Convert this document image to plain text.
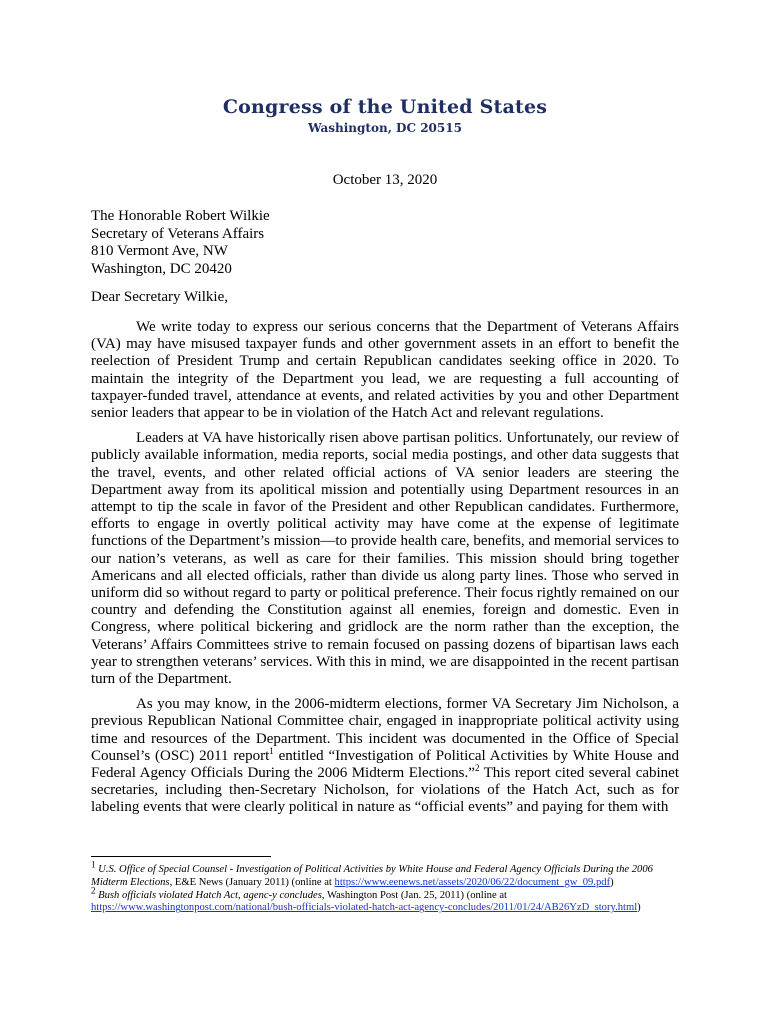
Congress of the United States
Washington, DC 20515
October 13, 2020
The Honorable Robert Wilkie
Secretary of Veterans Affairs
810 Vermont Ave, NW
Washington, DC 20420
Dear Secretary Wilkie,

We write today to express our serious concerns that the Department of Veterans Affairs (VA) may have misused taxpayer funds and other government assets in an effort to benefit the reelection of President Trump and certain Republican candidates seeking office in 2020. To maintain the integrity of the Department you lead, we are requesting a full accounting of taxpayer-funded travel, attendance at events, and related activities by you and other Department senior leaders that appear to be in violation of the Hatch Act and relevant regulations.

Leaders at VA have historically risen above partisan politics. Unfortunately, our review of publicly available information, media reports, social media postings, and other data suggests that the travel, events, and other related official actions of VA senior leaders are steering the Department away from its apolitical mission and potentially using Department resources in an attempt to tip the scale in favor of the President and other Republican candidates. Furthermore, efforts to engage in overtly political activity may have come at the expense of legitimate functions of the Department’s mission—to provide health care, benefits, and memorial services to our nation’s veterans, as well as care for their families. This mission should bring together Americans and all elected officials, rather than divide us along party lines. Those who served in uniform did so without regard to party or political preference. Their focus rightly remained on our country and defending the Constitution against all enemies, foreign and domestic. Even in Congress, where political bickering and gridlock are the norm rather than the exception, the Veterans’ Affairs Committees strive to remain focused on passing dozens of bipartisan laws each year to strengthen veterans’ services. With this in mind, we are disappointed in the recent partisan turn of the Department.

As you may know, in the 2006-midterm elections, former VA Secretary Jim Nicholson, a previous Republican National Committee chair, engaged in inappropriate political activity using time and resources of the Department. This incident was documented in the Office of Special Counsel’s (OSC) 2011 report$^1$ entitled “Investigation of Political Activities by White House and Federal Agency Officials During the 2006 Midterm Elections.”$^2$ This report cited several cabinet secretaries, including then-Secretary Nicholson, for violations of the Hatch Act, such as for labeling events that were clearly political in nature as “official events” and paying for them with

$^1$ U.S. Office of Special Counsel - Investigation of Political Activities by White House and Federal Agency Officials During the 2006 Midterm Elections, E&E News (January 2011) (online at https://www.eenews.net/assets/2020/06/22/document_gw_09.pdf)

$^2$ Bush officials violated Hatch Act, agenc-y concludes, Washington Post (Jan. 25, 2011) (online at https://www.washingtonpost.com/national/bush-officials-violated-hatch-act-agency-concludes/2011/01/24/AB26YzD_story.html)
